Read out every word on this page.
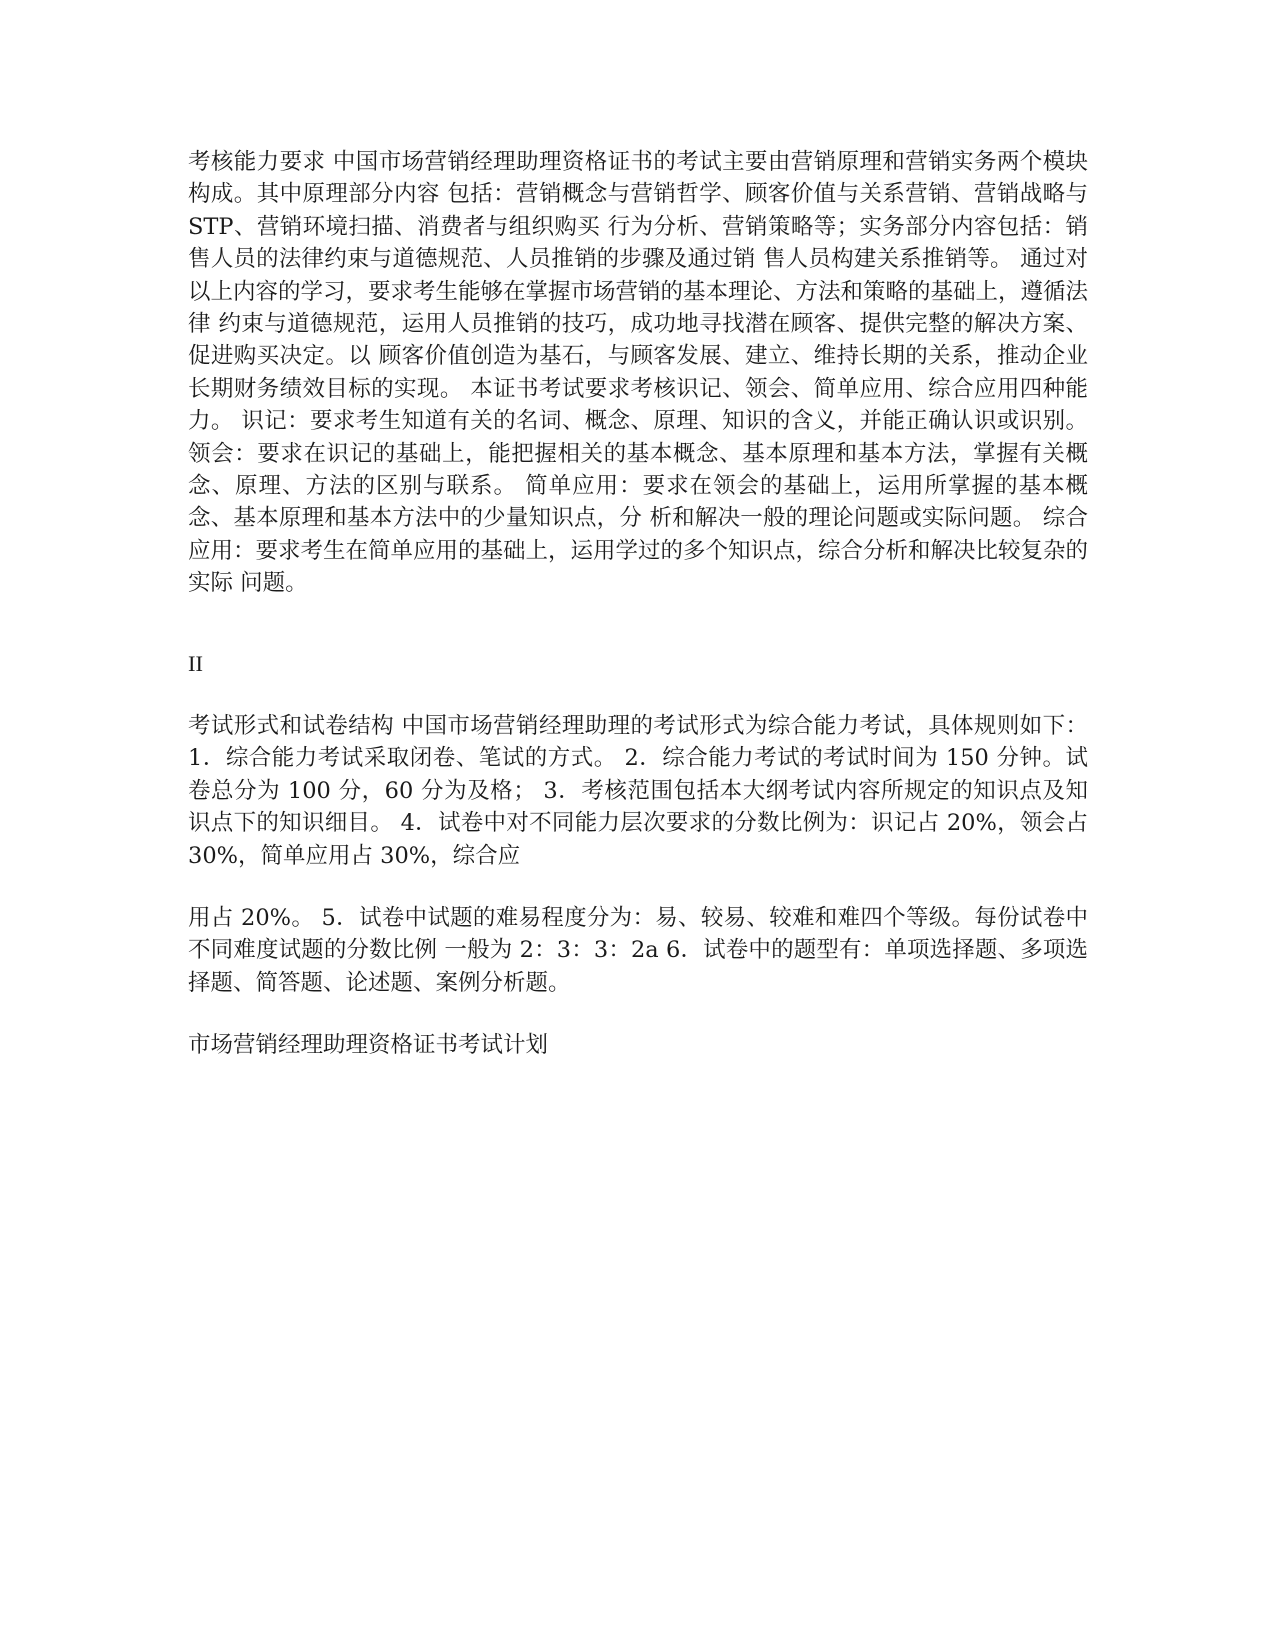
考核能力要求 中国市场营销经理助理资格证书的考试主要由营销原理和营销实务两个模块构成。其中原理部分内容 包括：营销概念与营销哲学、顾客价值与关系营销、营销战略与 STP、营销环境扫描、消费者与组织购买 行为分析、营销策略等；实务部分内容包括：销售人员的法律约束与道德规范、人员推销的步骤及通过销 售人员构建关系推销等。 通过对以上内容的学习，要求考生能够在掌握市场营销的基本理论、方法和策略的基础上，遵循法律 约束与道德规范，运用人员推销的技巧，成功地寻找潜在顾客、提供完整的解决方案、促进购买决定。以 顾客价值创造为基石，与顾客发展、建立、维持长期的关系，推动企业长期财务绩效目标的实现。 本证书考试要求考核识记、领会、简单应用、综合应用四种能力。 识记：要求考生知道有关的名词、概念、原理、知识的含义，并能正确认识或识别。 领会：要求在识记的基础上，能把握相关的基本概念、基本原理和基本方法，掌握有关概念、原理、方法的区别与联系。 简单应用：要求在领会的基础上，运用所掌握的基本概念、基本原理和基本方法中的少量知识点，分 析和解决一般的理论问题或实际问题。 综合应用：要求考生在简单应用的基础上，运用学过的多个知识点，综合分析和解决比较复杂的实际 问题。

II

考试形式和试卷结构 中国市场营销经理助理的考试形式为综合能力考试，具体规则如下： 1．综合能力考试采取闭卷、笔试的方式。 2．综合能力考试的考试时间为 150 分钟。试卷总分为 100 分，60 分为及格； 3．考核范围包括本大纲考试内容所规定的知识点及知识点下的知识细目。 4．试卷中对不同能力层次要求的分数比例为：识记占 20%，领会占 30%，简单应用占 30%，综合应

用占 20%。 5．试卷中试题的难易程度分为：易、较易、较难和难四个等级。每份试卷中不同难度试题的分数比例 一般为 2：3：3：2a 6．试卷中的题型有：单项选择题、多项选择题、简答题、论述题、案例分析题。

市场营销经理助理资格证书考试计划
